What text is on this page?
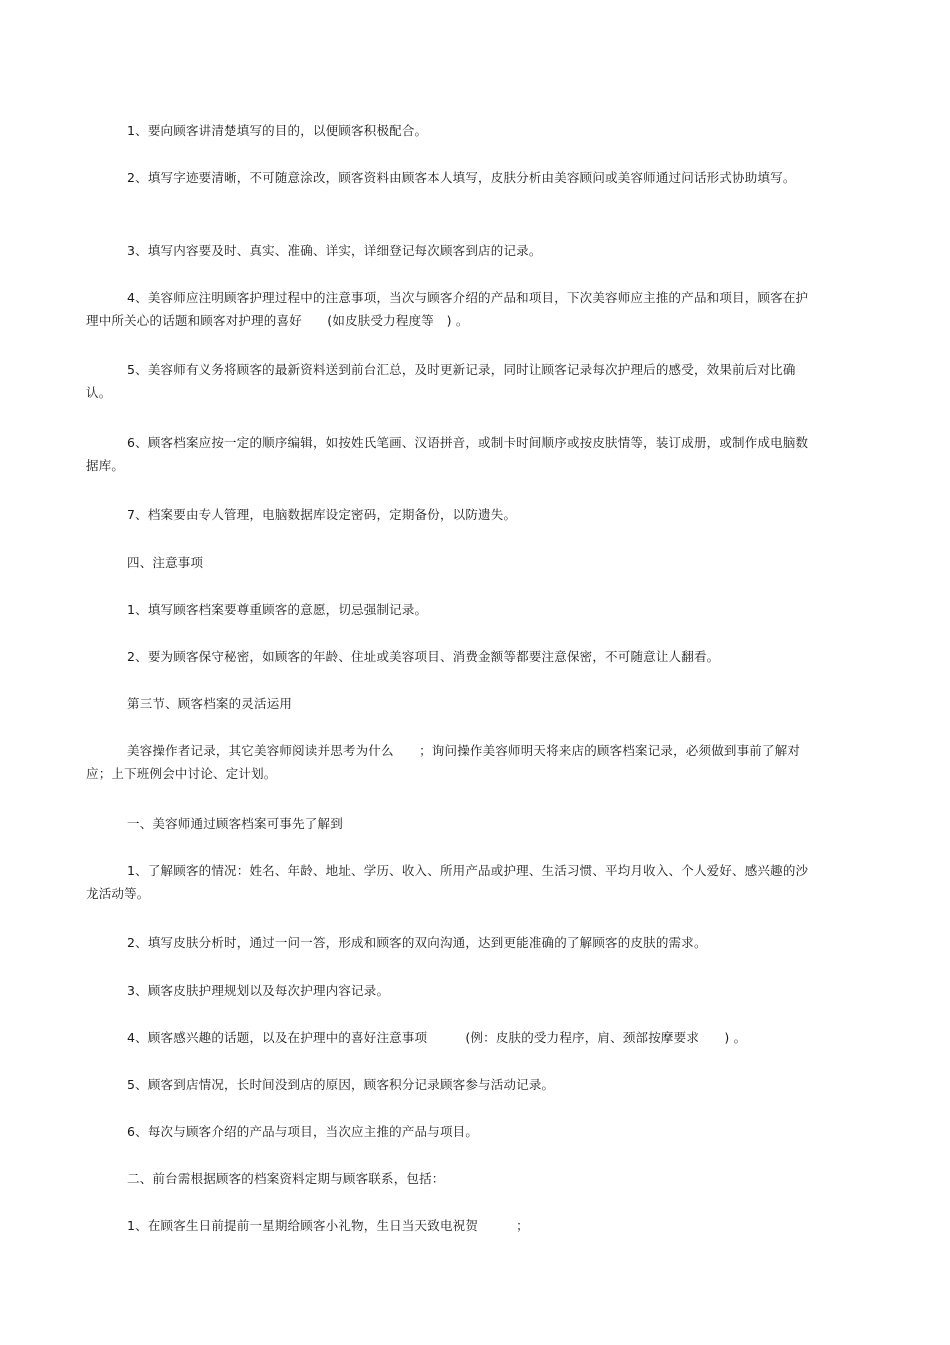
1、要向顾客讲清楚填写的目的，以便顾客积极配合。

2、填写字迹要清晰，不可随意涂改，顾客资料由顾客本人填写，皮肤分析由美容顾问或美容师通过问话形式协助填写。

3、填写内容要及时、真实、准确、详实，详细登记每次顾客到店的记录。

4、美容师应注明顾客护理过程中的注意事项，当次与顾客介绍的产品和项目，下次美容师应主推的产品和项目，顾客在护理中所关心的话题和顾客对护理的喜好　　(如皮肤受力程度等　) 。

5、美容师有义务将顾客的最新资料送到前台汇总，及时更新记录，同时让顾客记录每次护理后的感受，效果前后对比确认。

6、顾客档案应按一定的顺序编辑，如按姓氏笔画、汉语拼音，或制卡时间顺序或按皮肤情等，装订成册，或制作成电脑数据库。

7、档案要由专人管理，电脑数据库设定密码，定期备份，以防遗失。

四、注意事项

1、填写顾客档案要尊重顾客的意愿，切忌强制记录。

2、要为顾客保守秘密，如顾客的年龄、住址或美容项目、消费金额等都要注意保密，不可随意让人翻看。

第三节、顾客档案的灵活运用

美容操作者记录，其它美容师阅读并思考为什么　　；询问操作美容师明天将来店的顾客档案记录，必须做到事前了解对应；上下班例会中讨论、定计划。

一、美容师通过顾客档案可事先了解到

1、了解顾客的情况：姓名、年龄、地址、学历、收入、所用产品或护理、生活习惯、平均月收入、个人爱好、感兴趣的沙龙活动等。

2、填写皮肤分析时，通过一问一答，形成和顾客的双向沟通，达到更能准确的了解顾客的皮肤的需求。

3、顾客皮肤护理规划以及每次护理内容记录。

4、顾客感兴趣的话题，以及在护理中的喜好注意事项　　　(例：皮肤的受力程序，肩、颈部按摩要求　　) 。

5、顾客到店情况，长时间没到店的原因，顾客积分记录顾客参与活动记录。

6、每次与顾客介绍的产品与项目，当次应主推的产品与项目。

二、前台需根据顾客的档案资料定期与顾客联系，包括：

1、在顾客生日前提前一星期给顾客小礼物，生日当天致电祝贺　　　；
